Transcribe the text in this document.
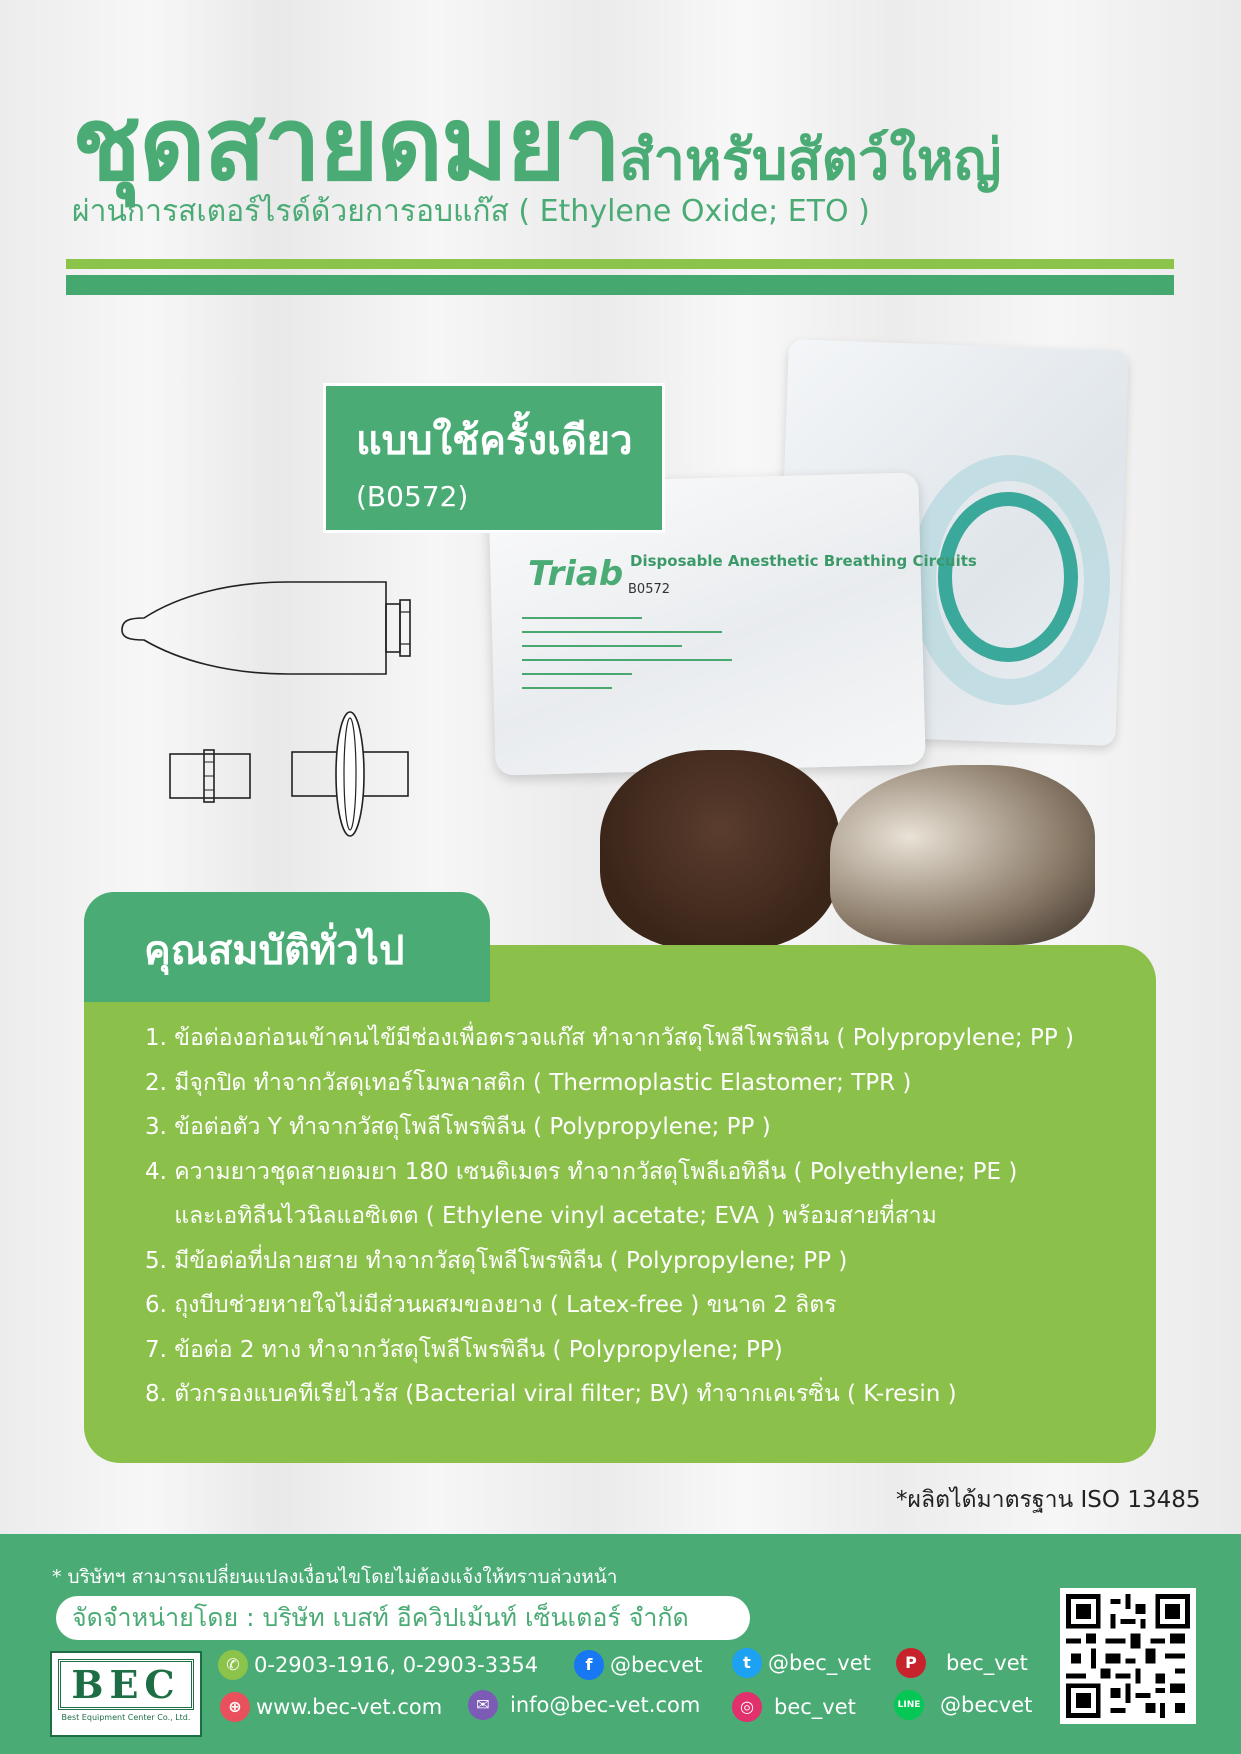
ชุดสายดมยาสำหรับสัตว์ใหญ่
ผ่านการสเตอร์ไรด์ด้วยการอบแก๊ส ( Ethylene Oxide; ETO )
Triab Disposable Anesthetic Breathing Circuits
B0572
แบบใช้ครั้งเดียว
(B0572)
คุณสมบัติทั่วไป
1. ข้อต่องอก่อนเข้าคนไข้มีช่องเพื่อตรวจแก๊ส ทำจากวัสดุโพลีโพรพิลีน ( Polypropylene; PP )
2. มีจุกปิด ทำจากวัสดุเทอร์โมพลาสติก ( Thermoplastic Elastomer; TPR )
3. ข้อต่อตัว Y ทำจากวัสดุโพลีโพรพิลีน ( Polypropylene; PP )
4. ความยาวชุดสายดมยา 180 เซนติเมตร ทำจากวัสดุโพลีเอทิลีน ( Polyethylene; PE )
และเอทิลีนไวนิลแอซิเตต ( Ethylene vinyl acetate; EVA ) พร้อมสายที่สาม
5. มีข้อต่อที่ปลายสาย ทำจากวัสดุโพลีโพรพิลีน ( Polypropylene; PP )
6. ถุงบีบช่วยหายใจไม่มีส่วนผสมของยาง ( Latex-free ) ขนาด 2 ลิตร
7. ข้อต่อ 2 ทาง ทำจากวัสดุโพลีโพรพิลีน ( Polypropylene; PP)
8. ตัวกรองแบคทีเรียไวรัส (Bacterial viral filter; BV) ทำจากเคเรซิ่น ( K-resin )
*ผลิตได้มาตรฐาน ISO 13485
* บริษัทฯ สามารถเปลี่ยนแปลงเงื่อนไขโดยไม่ต้องแจ้งให้ทราบล่วงหน้า
จัดจำหน่ายโดย : บริษัท เบสท์ อีควิปเม้นท์ เซ็นเตอร์ จำกัด
BEC
Best Equipment Center Co., Ltd.
✆ 0-2903-1916, 0-2903-3354
⊕ www.bec-vet.com	✉ info@bec-vet.com
f @becvet	t @bec_vet
◎ bec_vet
P	bec_vet
LINE @becvet
